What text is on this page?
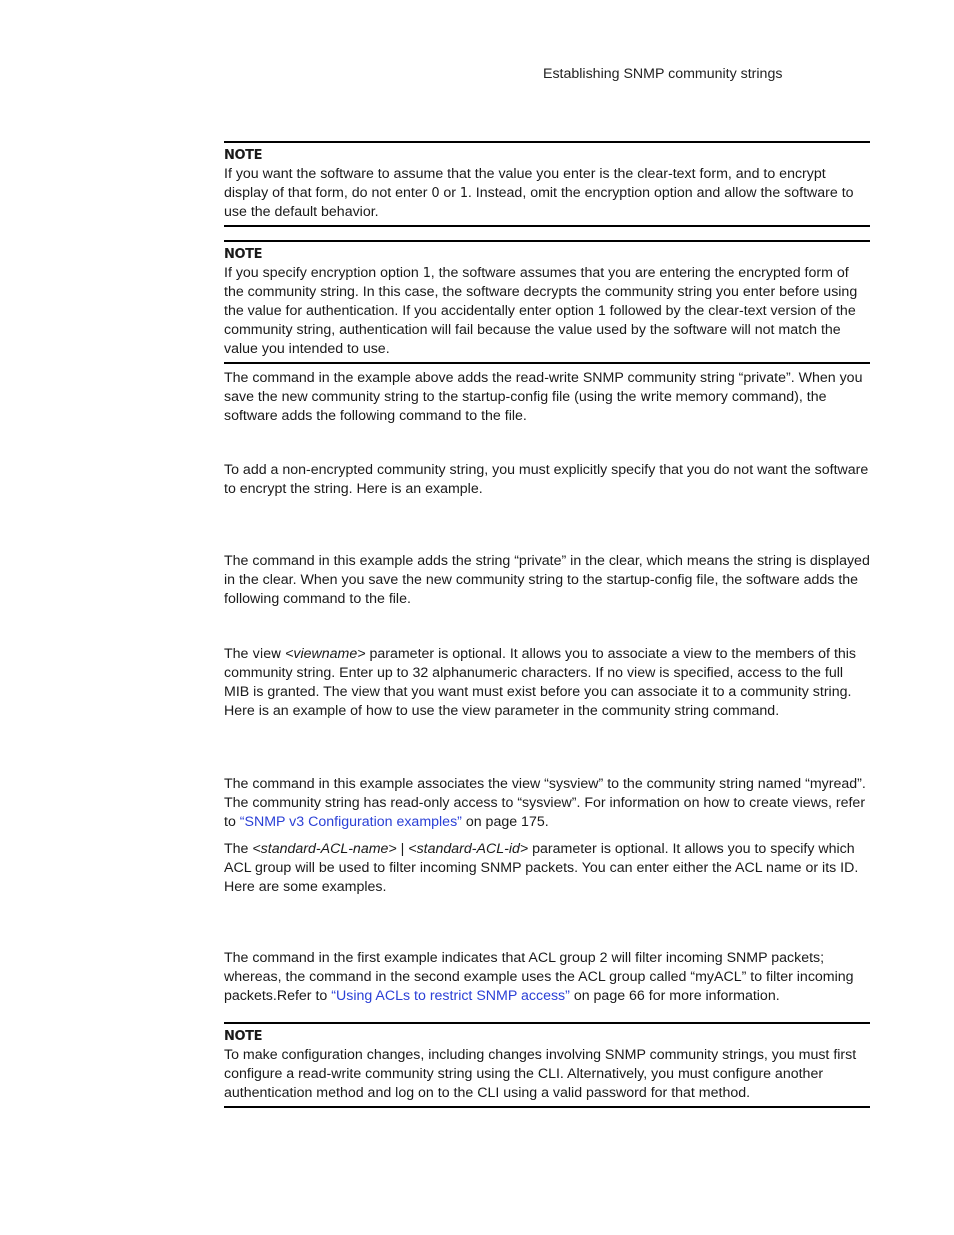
Establishing SNMP community strings
NOTE

If you want the software to assume that the value you enter is the clear-text form, and to encrypt display of that form, do not enter 0 or 1. Instead, omit the encryption option and allow the software to use the default behavior.

NOTE

If you specify encryption option 1, the software assumes that you are entering the encrypted form of the community string. In this case, the software decrypts the community string you enter before using the value for authentication. If you accidentally enter option 1 followed by the clear-text version of the community string, authentication will fail because the value used by the software will not match the value you intended to use.

The command in the example above adds the read-write SNMP community string “private”. When you save the new community string to the startup-config file (using the write memory command), the software adds the following command to the file.

To add a non-encrypted community string, you must explicitly specify that you do not want the software to encrypt the string. Here is an example.

The command in this example adds the string “private” in the clear, which means the string is displayed in the clear. When you save the new community string to the startup-config file, the software adds the following command to the file.

The view <viewname> parameter is optional. It allows you to associate a view to the members of this community string. Enter up to 32 alphanumeric characters. If no view is specified, access to the full MIB is granted. The view that you want must exist before you can associate it to a community string. Here is an example of how to use the view parameter in the community string command.

The command in this example associates the view “sysview” to the community string named “myread”. The community string has read-only access to “sysview”. For information on how to create views, refer to “SNMP v3 Configuration examples” on page 175.

The <standard-ACL-name> | <standard-ACL-id> parameter is optional. It allows you to specify which ACL group will be used to filter incoming SNMP packets. You can enter either the ACL name or its ID. Here are some examples.

The command in the first example indicates that ACL group 2 will filter incoming SNMP packets; whereas, the command in the second example uses the ACL group called “myACL” to filter incoming packets.Refer to “Using ACLs to restrict SNMP access” on page 66 for more information.

NOTE

To make configuration changes, including changes involving SNMP community strings, you must first configure a read-write community string using the CLI. Alternatively, you must configure another authentication method and log on to the CLI using a valid password for that method.
